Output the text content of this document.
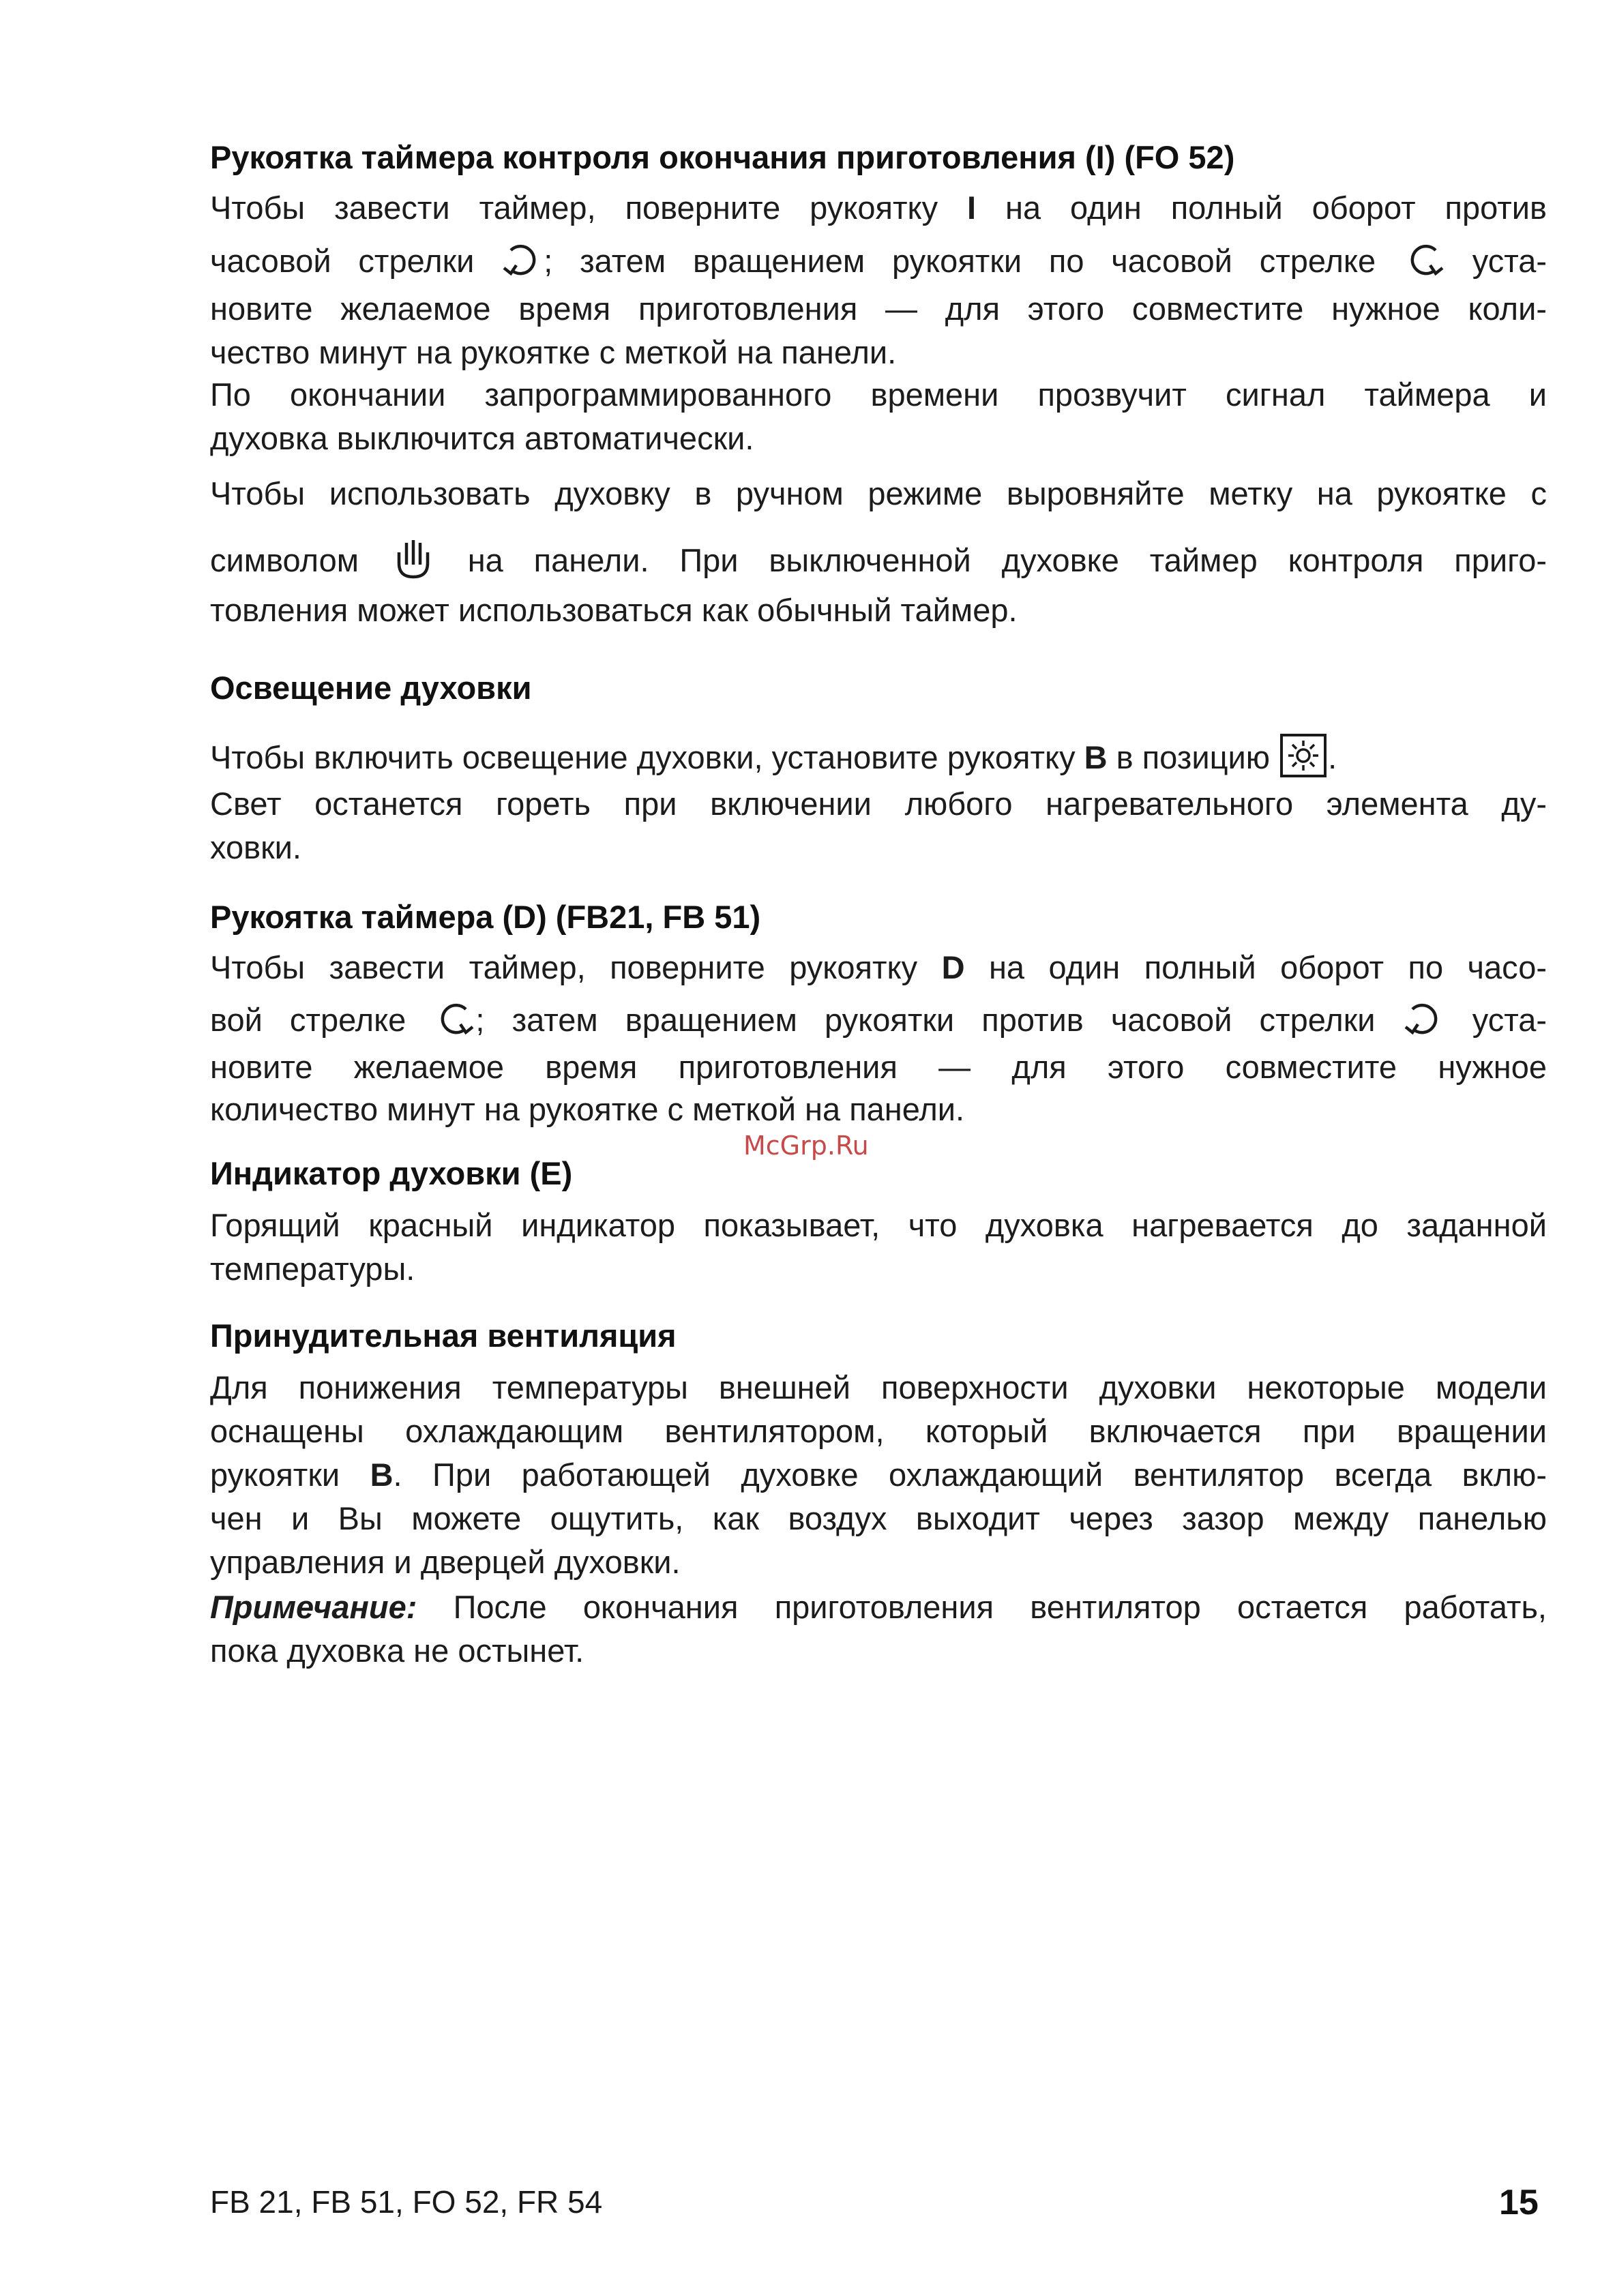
Рукоятка таймера контроля окончания приготовления (I) (FO 52)
Чтобы завести таймер, поверните рукоятку I на один полный оборот против
часовой стрелки ; затем вращением рукоятки по часовой стрелке  уста-
новите желаемое время приготовления — для этого совместите нужное коли-
чество минут на рукоятке с меткой на панели.
По окончании запрограммированного времени прозвучит сигнал таймера и
духовка выключится автоматически.
Чтобы использовать духовку в ручном режиме выровняйте метку на рукоятке с
символом  на панели. При выключенной духовке таймер контроля приго-
товления может использоваться как обычный таймер.
Освещение духовки
Чтобы включить освещение духовки, установите рукоятку B в позицию .
Свет останется гореть при включении любого нагревательного элемента ду-
ховки.
Рукоятка таймера (D) (FB21, FB 51)
Чтобы завести таймер, поверните рукоятку D на один полный оборот по часо-
вой стрелке ; затем вращением рукоятки против часовой стрелки  уста-
новите желаемое время приготовления — для этого совместите нужное
количество минут на рукоятке с меткой на панели.
McGrp.Ru
Индикатор духовки (E)
Горящий красный индикатор показывает, что духовка нагревается до заданной
температуры.
Принудительная вентиляция
Для понижения температуры внешней поверхности духовки некоторые модели
оснащены охлаждающим вентилятором, который включается при вращении
рукоятки B. При работающей духовке охлаждающий вентилятор всегда вклю-
чен и Вы можете ощутить, как воздух выходит через зазор между панелью
управления и дверцей духовки.
Примечание: После окончания приготовления вентилятор остается работать,
пока духовка не остынет.
FB 21, FB 51, FO 52, FR 54	15
